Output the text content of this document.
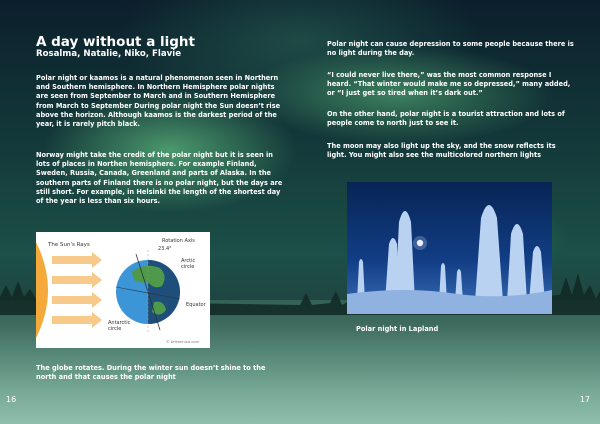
A day without a light
Rosalma, Natalie, Niko, Flavie

Polar night or kaamos is a natural phenomenon seen in Northern and Southern hemisphere. In Northern Hemisphere polar nights are seen from September to March and in Southern Hemisphere from March to September During polar night the Sun doesn’t rise above the horizon. Although kaamos is the darkest period of the year, it is rarely pitch black.

Norway might take the credit of the polar night but it is seen in lots of places in Northen hemisphere. For example Finland, Sweden, Russia, Canada, Greenland and parts of Alaska. In the southern parts of Finland there is no polar night, but the days are still short. For example, in Helsinki the length of the shortest day of the year is less than six hours.

The Sun's Rays
Rotation Axis
23.4°
Arctic
circle
Equator
Antarctic
circle
© britannica.com
The globe rotates. During the winter sun doesn’t shine to the north and that causes the polar night
16

Polar night can cause depression to some people because there is no light during the day.

“I could never live there,” was the most common response I heard. “That winter would make me so depressed,” many added, or “I just get so tired when it’s dark out.”

On the other hand, polar night is a tourist attraction and lots of people come to north just to see it.

The moon may also light up the sky, and the snow reflects its light. You might also see the multicolored northern lights

Polar night in Lapland
17
